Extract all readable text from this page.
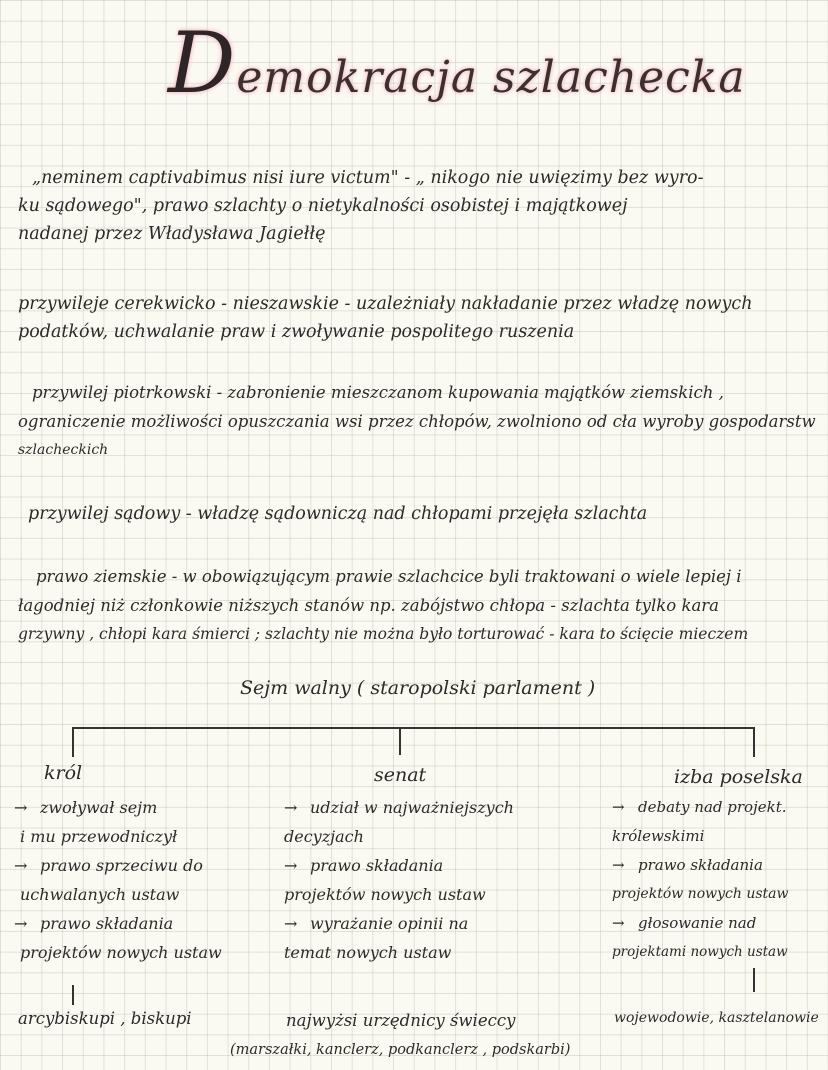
Demokracja szlachecka
„neminem captivabimus nisi iure victum" - „ nikogo nie uwięzimy bez wyro-
ku sądowego", prawo szlachty o nietykalności osobistej i majątkowej
nadanej przez Władysława Jagiełłę
przywileje cerekwicko - nieszawskie - uzależniały nakładanie przez władzę nowych
podatków, uchwalanie praw i zwoływanie pospolitego ruszenia
przywilej piotrkowski - zabronienie mieszczanom kupowania majątków ziemskich ,
ograniczenie możliwości opuszczania wsi przez chłopów, zwolniono od cła wyroby gospodarstw
szlacheckich
przywilej sądowy - władzę sądowniczą nad chłopami przejęła szlachta
prawo ziemskie - w obowiązującym prawie szlachcice byli traktowani o wiele lepiej i
łagodniej niż członkowie niższych stanów np. zabójstwo chłopa - szlachta tylko kara
grzywny , chłopi kara śmierci ; szlachty nie można było torturować - kara to ścięcie mieczem
Sejm walny ( staropolski parlament )
król
→ zwoływał sejm
i mu przewodniczył
→ prawo sprzeciwu do
uchwalanych ustaw
→ prawo składania
projektów nowych ustaw
arcybiskupi , biskupi
senat
→ udział w najważniejszych
decyzjach
→ prawo składania
projektów nowych ustaw
→ wyrażanie opinii na
temat nowych ustaw
najwyżsi urzędnicy świeccy
(marszałki, kanclerz, podkanclerz , podskarbi)
izba poselska
→ debaty nad projekt.
królewskimi
→ prawo składania
projektów nowych ustaw
→ głosowanie nad
projektami nowych ustaw
wojewodowie, kasztelanowie
